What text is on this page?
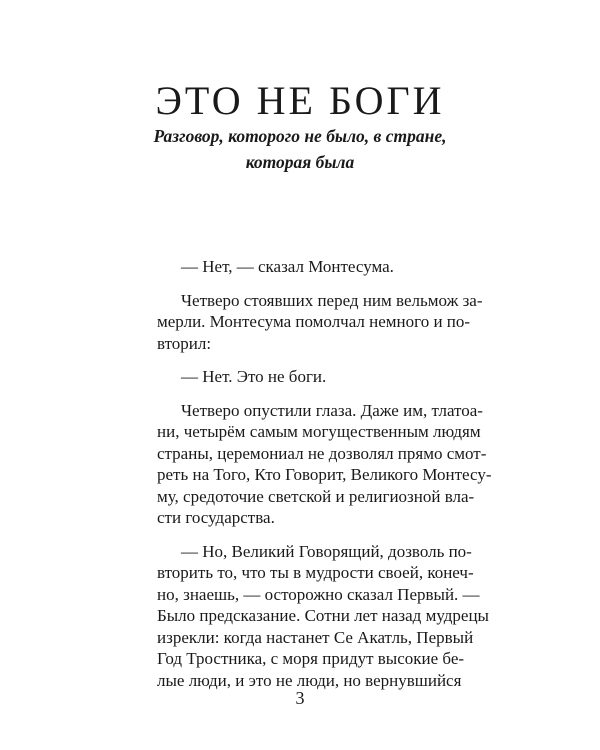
ЭТО НЕ БОГИ
Разговор, которого не было, в стране,
которая была
— Нет, — сказал Монтесума.
Четверо стоявших перед ним вельмож за-
мерли. Монтесума помолчал немного и по-
вторил:
— Нет. Это не боги.
Четверо опустили глаза. Даже им, тлатоа-
ни, четырём самым могущественным людям
страны, церемониал не дозволял прямо смот-
реть на Того, Кто Говорит, Великого Монтесу-
му, средоточие светской и религиозной вла-
сти государства.
— Но, Великий Говорящий, дозволь по-
вторить то, что ты в мудрости своей, конеч-
но, знаешь, — осторожно сказал Первый. —
Было предсказание. Сотни лет назад мудрецы
изрекли: когда настанет Се Акатль, Первый
Год Тростника, с моря придут высокие бе-
лые люди, и это не люди, но вернувшийся
3
